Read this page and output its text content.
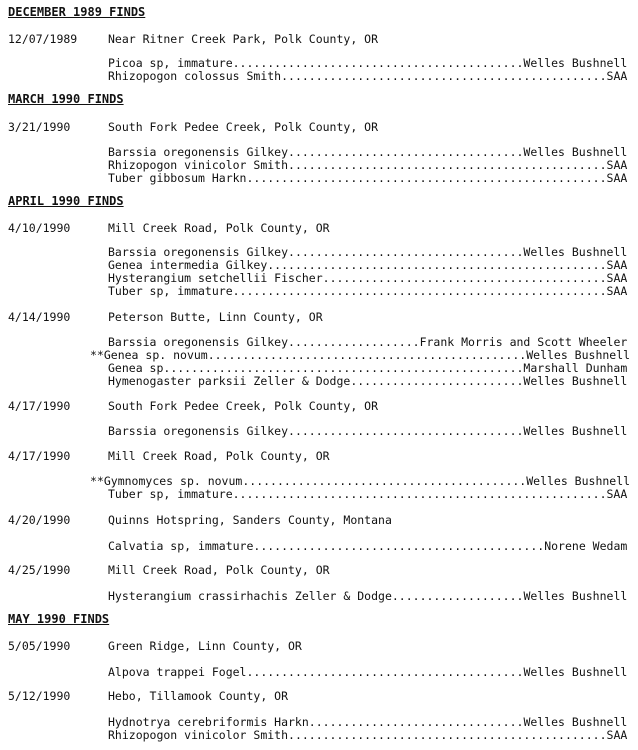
DECEMBER 1989 FINDS
12/07/1989	Near Ritner Creek Park, Polk County, OR
Picoa sp, immature..........................................Welles Bushnell
Rhizopogon colossus Smith...............................................SAA
MARCH 1990 FINDS
3/21/1990	South Fork Pedee Creek, Polk County, OR
Barssia oregonensis Gilkey..................................Welles Bushnell
Rhizopogon vinicolor Smith..............................................SAA
Tuber gibbosum Harkn....................................................SAA
APRIL 1990 FINDS
4/10/1990	Mill Creek Road, Polk County, OR
Barssia oregonensis Gilkey..................................Welles Bushnell
Genea intermedia Gilkey.................................................SAA
Hysterangium setchellii Fischer.........................................SAA
Tuber sp, immature......................................................SAA
4/14/1990	Peterson Butte, Linn County, OR
Barssia oregonensis Gilkey...................Frank Morris and Scott Wheeler
**Genea sp. novum..............................................Welles Bushnell
Genea sp....................................................Marshall Dunham
Hymenogaster parksii Zeller & Dodge.........................Welles Bushnell
4/17/1990	South Fork Pedee Creek, Polk County, OR
Barssia oregonensis Gilkey..................................Welles Bushnell
4/17/1990	Mill Creek Road, Polk County, OR
**Gymnomyces sp. novum.........................................Welles Bushnell
Tuber sp, immature......................................................SAA
4/20/1990	Quinns Hotspring, Sanders County, Montana
Calvatia sp, immature..........................................Norene Wedam
4/25/1990	Mill Creek Road, Polk County, OR
Hysterangium crassirhachis Zeller & Dodge...................Welles Bushnell
MAY 1990 FINDS
5/05/1990	Green Ridge, Linn County, OR
Alpova trappei Fogel........................................Welles Bushnell
5/12/1990	Hebo, Tillamook County, OR
Hydnotrya cerebriformis Harkn...............................Welles Bushnell
Rhizopogon vinicolor Smith..............................................SAA
